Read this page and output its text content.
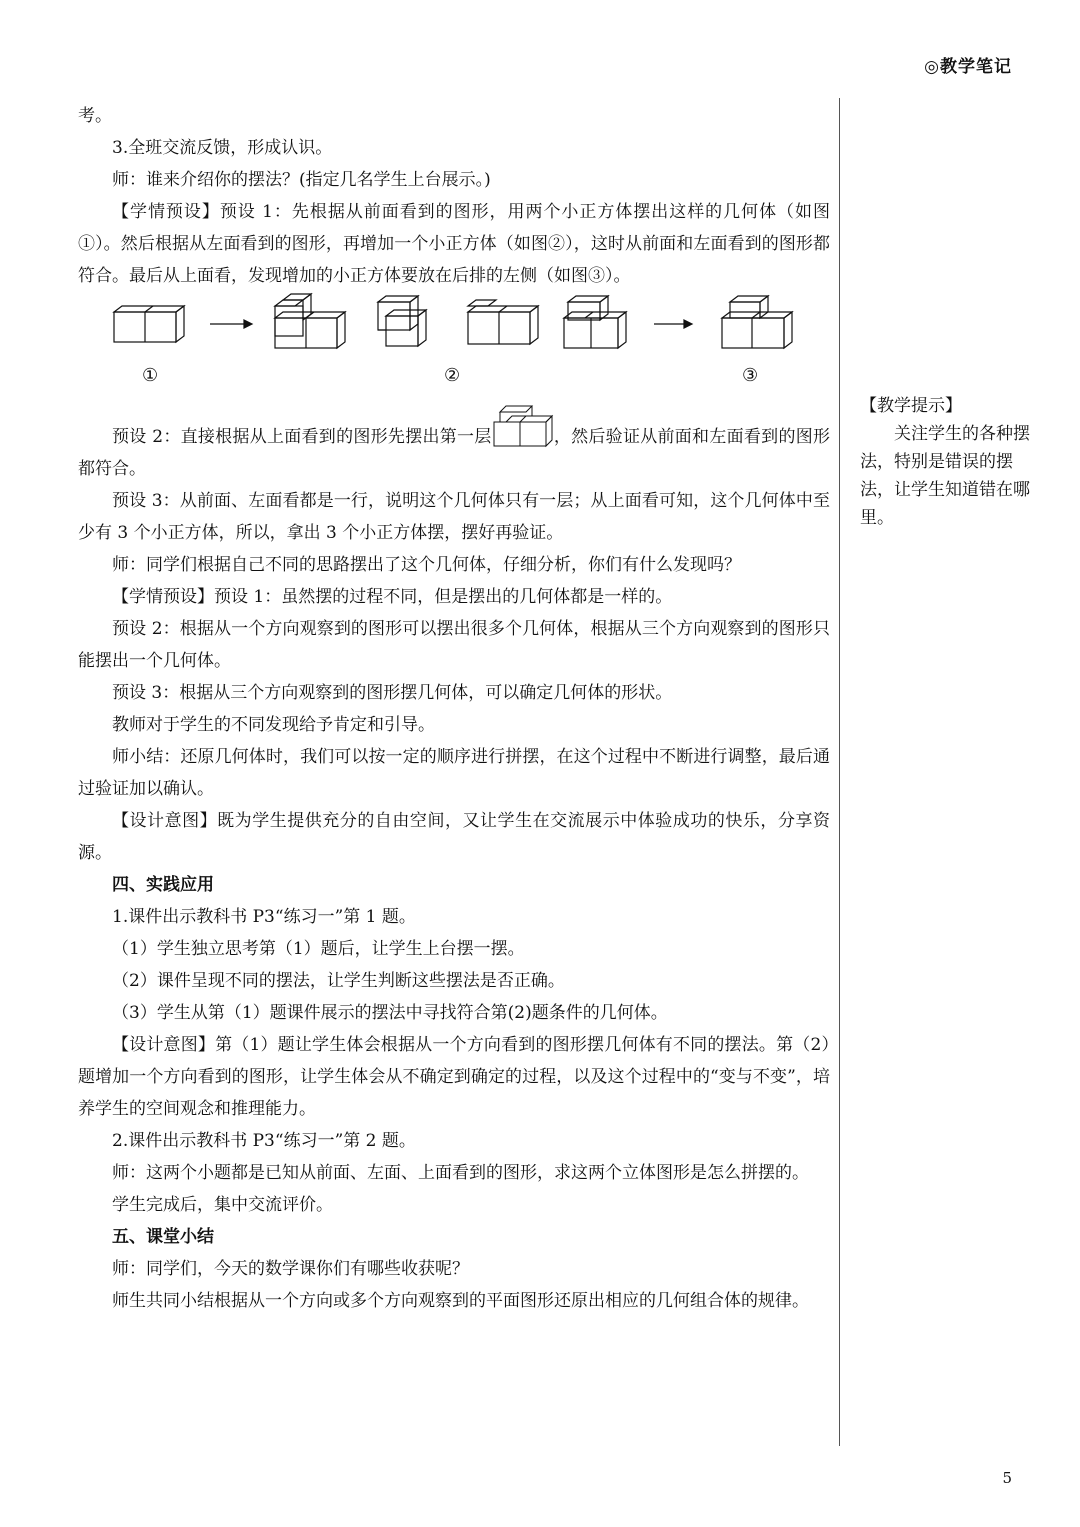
◎教学笔记

考。

3.全班交流反馈，形成认识。

师：谁来介绍你的摆法？(指定几名学生上台展示。)

【学情预设】预设 1：先根据从前面看到的图形，用两个小正方体摆出这样的几何体（如图①）。然后根据从左面看到的图形，再增加一个小正方体（如图②），这时从前面和左面看到的图形都符合。最后从上面看，发现增加的小正方体要放在后排的左侧（如图③）。

①	②	③

预设 2：直接根据从上面看到的图形先摆出第一层	，然后验证从前面和左面看到的图形都符合。

预设 3：从前面、左面看都是一行，说明这个几何体只有一层；从上面看可知，这个几何体中至少有 3 个小正方体，所以，拿出 3 个小正方体摆，摆好再验证。

师：同学们根据自己不同的思路摆出了这个几何体，仔细分析，你们有什么发现吗？

【学情预设】预设 1：虽然摆的过程不同，但是摆出的几何体都是一样的。

预设 2：根据从一个方向观察到的图形可以摆出很多个几何体，根据从三个方向观察到的图形只能摆出一个几何体。

预设 3：根据从三个方向观察到的图形摆几何体，可以确定几何体的形状。

教师对于学生的不同发现给予肯定和引导。

师小结：还原几何体时，我们可以按一定的顺序进行拼摆，在这个过程中不断进行调整，最后通过验证加以确认。

【设计意图】既为学生提供充分的自由空间，又让学生在交流展示中体验成功的快乐，分享资源。

四、实践应用

1.课件出示教科书 P3“练习一”第 1 题。

（1）学生独立思考第（1）题后，让学生上台摆一摆。

（2）课件呈现不同的摆法，让学生判断这些摆法是否正确。

（3）学生从第（1）题课件展示的摆法中寻找符合第(2)题条件的几何体。

【设计意图】第（1）题让学生体会根据从一个方向看到的图形摆几何体有不同的摆法。第（2）题增加一个方向看到的图形，让学生体会从不确定到确定的过程，以及这个过程中的“变与不变”，培养学生的空间观念和推理能力。

2.课件出示教科书 P3“练习一”第 2 题。

师：这两个小题都是已知从前面、左面、上面看到的图形，求这两个立体图形是怎么拼摆的。

学生完成后，集中交流评价。

五、课堂小结

师：同学们，今天的数学课你们有哪些收获呢？

师生共同小结根据从一个方向或多个方向观察到的平面图形还原出相应的几何组合体的规律。

【教学提示】

关注学生的各种摆法，特别是错误的摆法，让学生知道错在哪里。

5
